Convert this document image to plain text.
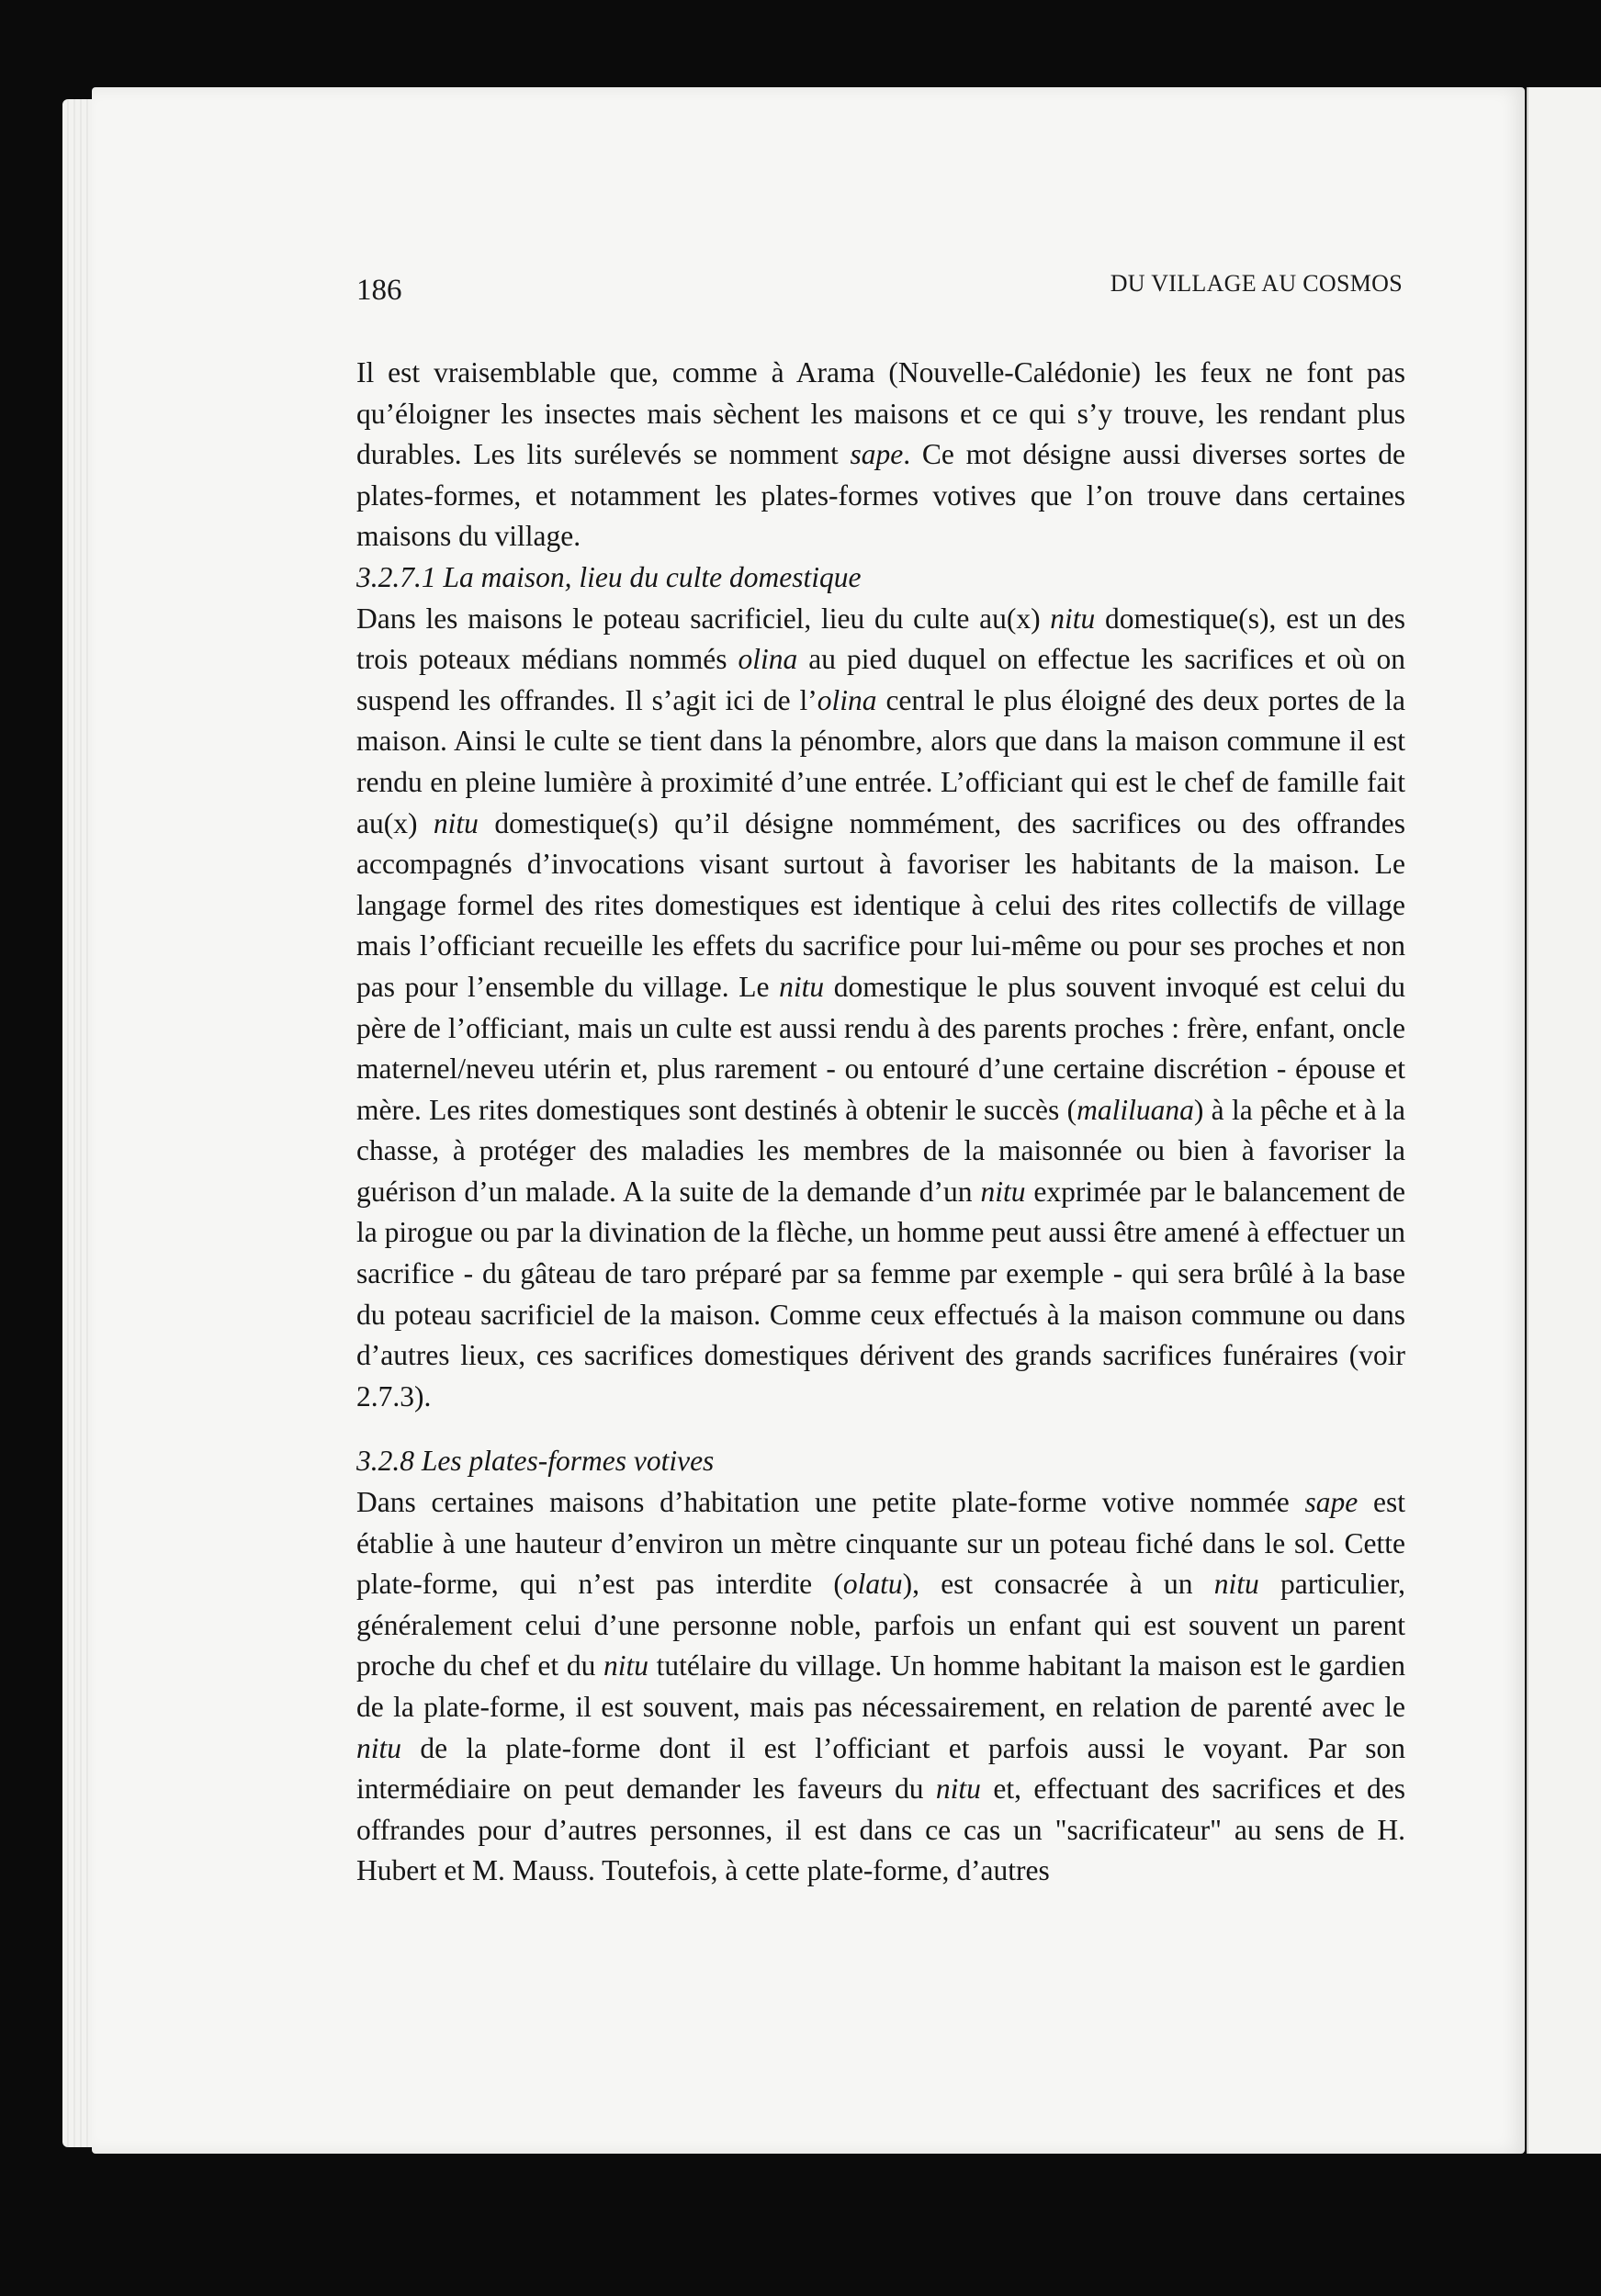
186	DU VILLAGE AU COSMOS

Il est vraisemblable que, comme à Arama (Nouvelle-Calédonie) les feux ne font pas qu’éloigner les insectes mais sèchent les maisons et ce qui s’y trouve, les rendant plus durables. Les lits surélevés se nomment sape. Ce mot désigne aussi diverses sortes de plates-formes, et notamment les plates-formes votives que l’on trouve dans certaines maisons du village.

3.2.7.1 La maison, lieu du culte domestique

Dans les maisons le poteau sacrificiel, lieu du culte au(x) nitu domestique(s), est un des trois poteaux médians nommés olina au pied duquel on effectue les sacrifices et où on suspend les offrandes. Il s’agit ici de l’olina central le plus éloigné des deux portes de la maison. Ainsi le culte se tient dans la pénombre, alors que dans la maison commune il est rendu en pleine lumière à proximité d’une entrée. L’officiant qui est le chef de famille fait au(x) nitu domestique(s) qu’il désigne nommément, des sacrifices ou des offrandes accompagnés d’invocations visant surtout à favoriser les habitants de la maison. Le langage formel des rites domestiques est identique à celui des rites collectifs de village mais l’officiant recueille les effets du sacrifice pour lui-même ou pour ses proches et non pas pour l’ensemble du village. Le nitu domestique le plus souvent invoqué est celui du père de l’officiant, mais un culte est aussi rendu à des parents proches : frère, enfant, oncle maternel/neveu utérin et, plus rarement - ou entouré d’une certaine discrétion - épouse et mère. Les rites domestiques sont destinés à obtenir le succès (maliluana) à la pêche et à la chasse, à protéger des maladies les membres de la maisonnée ou bien à favoriser la guérison d’un malade. A la suite de la demande d’un nitu exprimée par le balancement de la pirogue ou par la divination de la flèche, un homme peut aussi être amené à effectuer un sacrifice - du gâteau de taro préparé par sa femme par exemple - qui sera brûlé à la base du poteau sacrificiel de la maison. Comme ceux effectués à la maison commune ou dans d’autres lieux, ces sacrifices domestiques dérivent des grands sacrifices funéraires (voir 2.7.3).

3.2.8 Les plates-formes votives

Dans certaines maisons d’habitation une petite plate-forme votive nommée sape est établie à une hauteur d’environ un mètre cinquante sur un poteau fiché dans le sol. Cette plate-forme, qui n’est pas interdite (olatu), est consacrée à un nitu particulier, généralement celui d’une personne noble, parfois un enfant qui est souvent un parent proche du chef et du nitu tutélaire du village. Un homme habitant la maison est le gardien de la plate-forme, il est souvent, mais pas nécessairement, en relation de parenté avec le nitu de la plate-forme dont il est l’officiant et parfois aussi le voyant. Par son intermédiaire on peut demander les faveurs du nitu et, effectuant des sacrifices et des offrandes pour d’autres personnes, il est dans ce cas un "sacrificateur" au sens de H. Hubert et M. Mauss. Toutefois, à cette plate-forme, d’autres
